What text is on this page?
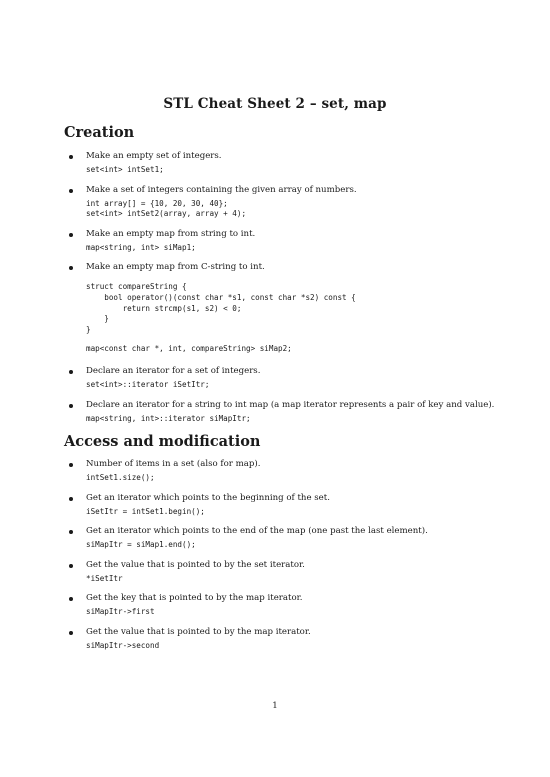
STL Cheat Sheet 2 – set, map
Creation
Make an empty set of integers.
set<int> intSet1;
Make a set of integers containing the given array of numbers.
int array[] = {10, 20, 30, 40};
set<int> intSet2(array, array + 4);
Make an empty map from string to int.
map<string, int> siMap1;
Make an empty map from C-string to int.
struct compareString {
bool operator()(const char *s1, const char *s2) const {
return strcmp(s1, s2) < 0;
}
}
map<const char *, int, compareString> siMap2;
Declare an iterator for a set of integers.
set<int>::iterator iSetItr;
Declare an iterator for a string to int map (a map iterator represents a pair of key and value).
map<string, int>::iterator siMapItr;
Access and modification
Number of items in a set (also for map).
intSet1.size();
Get an iterator which points to the beginning of the set.
iSetItr = intSet1.begin();
Get an iterator which points to the end of the map (one past the last element).
siMapItr = siMap1.end();
Get the value that is pointed to by the set iterator.
*iSetItr
Get the key that is pointed to by the map iterator.
siMapItr->first
Get the value that is pointed to by the map iterator.
siMapItr->second
1
